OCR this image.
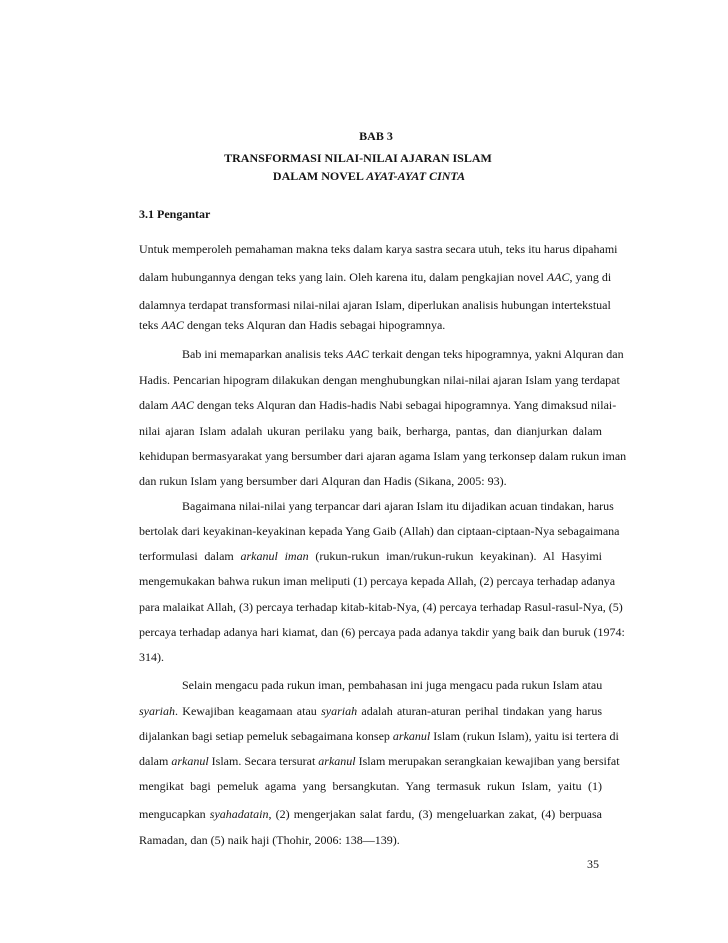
BAB 3
TRANSFORMASI NILAI-NILAI AJARAN ISLAM
DALAM NOVEL AYAT-AYAT CINTA
3.1 Pengantar
Untuk memperoleh pemahaman makna teks dalam karya sastra secara utuh, teks itu harus dipahami
dalam hubungannya dengan teks yang lain. Oleh karena itu, dalam pengkajian novel AAC, yang di
dalamnya terdapat transformasi nilai-nilai ajaran Islam, diperlukan analisis hubungan intertekstual
teks AAC dengan teks Alquran dan Hadis sebagai hipogramnya.
Bab ini memaparkan analisis teks AAC terkait dengan teks hipogramnya, yakni Alquran dan
Hadis. Pencarian hipogram dilakukan dengan menghubungkan nilai-nilai ajaran Islam yang terdapat
dalam AAC dengan teks Alquran dan Hadis-hadis Nabi sebagai hipogramnya. Yang dimaksud nilai-
nilai ajaran Islam adalah ukuran perilaku yang baik, berharga, pantas, dan dianjurkan dalam
kehidupan bermasyarakat yang bersumber dari ajaran agama Islam yang terkonsep dalam rukun iman
dan rukun Islam yang bersumber dari Alquran dan Hadis (Sikana, 2005: 93).
Bagaimana nilai-nilai yang terpancar dari ajaran Islam itu dijadikan acuan tindakan, harus
bertolak dari keyakinan-keyakinan kepada Yang Gaib (Allah) dan ciptaan-ciptaan-Nya sebagaimana
terformulasi dalam arkanul iman (rukun-rukun iman/rukun-rukun keyakinan). Al Hasyimi
mengemukakan bahwa rukun iman meliputi (1) percaya kepada Allah, (2) percaya terhadap adanya
para malaikat Allah, (3) percaya terhadap kitab-kitab-Nya, (4) percaya terhadap Rasul-rasul-Nya, (5)
percaya terhadap adanya hari kiamat, dan (6) percaya pada adanya takdir yang baik dan buruk (1974:
314).
Selain mengacu pada rukun iman, pembahasan ini juga mengacu pada rukun Islam atau
syariah. Kewajiban keagamaan atau syariah adalah aturan-aturan perihal tindakan yang harus
dijalankan bagi setiap pemeluk sebagaimana konsep arkanul Islam (rukun Islam), yaitu isi tertera di
dalam arkanul Islam. Secara tersurat arkanul Islam merupakan serangkaian kewajiban yang bersifat
mengikat bagi pemeluk agama yang bersangkutan. Yang termasuk rukun Islam, yaitu (1)
mengucapkan syahadatain, (2) mengerjakan salat fardu, (3) mengeluarkan zakat, (4) berpuasa
Ramadan, dan (5) naik haji (Thohir, 2006: 138—139).
35
